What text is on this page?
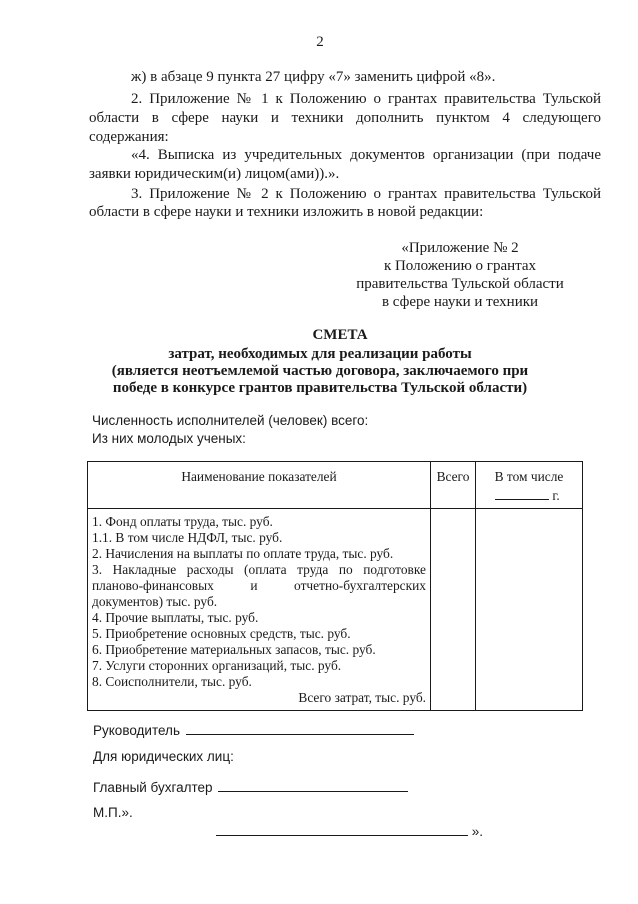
2
ж) в абзаце 9 пункта 27 цифру «7» заменить цифрой «8».
2. Приложение № 1 к Положению о грантах правительства Тульской
области в сфере науки и техники дополнить пунктом 4 следующего
содержания:
«4. Выписка из учредительных документов организации (при подаче
заявки юридическим(и) лицом(ами)).».
3. Приложение № 2 к Положению о грантах правительства Тульской
области в сфере науки и техники изложить в новой редакции:
«Приложение № 2
к Положению о грантах
правительства Тульской области
в сфере науки и техники
СМЕТА
затрат, необходимых для реализации работы
(является неотъемлемой частью договора, заключаемого при
победе в конкурсе грантов правительства Тульской области)
Численность исполнителей (человек) всего:
Из них молодых ученых:
Наименование показателей	Всего	В том числе
г.
1. Фонд оплаты труда, тыс. руб.
1.1. В том числе НДФЛ, тыс. руб.
2. Начисления на выплаты по оплате труда, тыс. руб.
3. Накладные расходы (оплата труда по подготовке
планово-финансовых и отчетно-бухгалтерских
документов) тыс. руб.
4. Прочие выплаты, тыс. руб.
5. Приобретение основных средств, тыс. руб.
6. Приобретение материальных запасов, тыс. руб.
7. Услуги сторонних организаций, тыс. руб.
8. Соисполнители, тыс. руб.
Всего затрат, тыс. руб.
Руководитель
Для юридических лиц:
Главный бухгалтер
М.П.».
».
